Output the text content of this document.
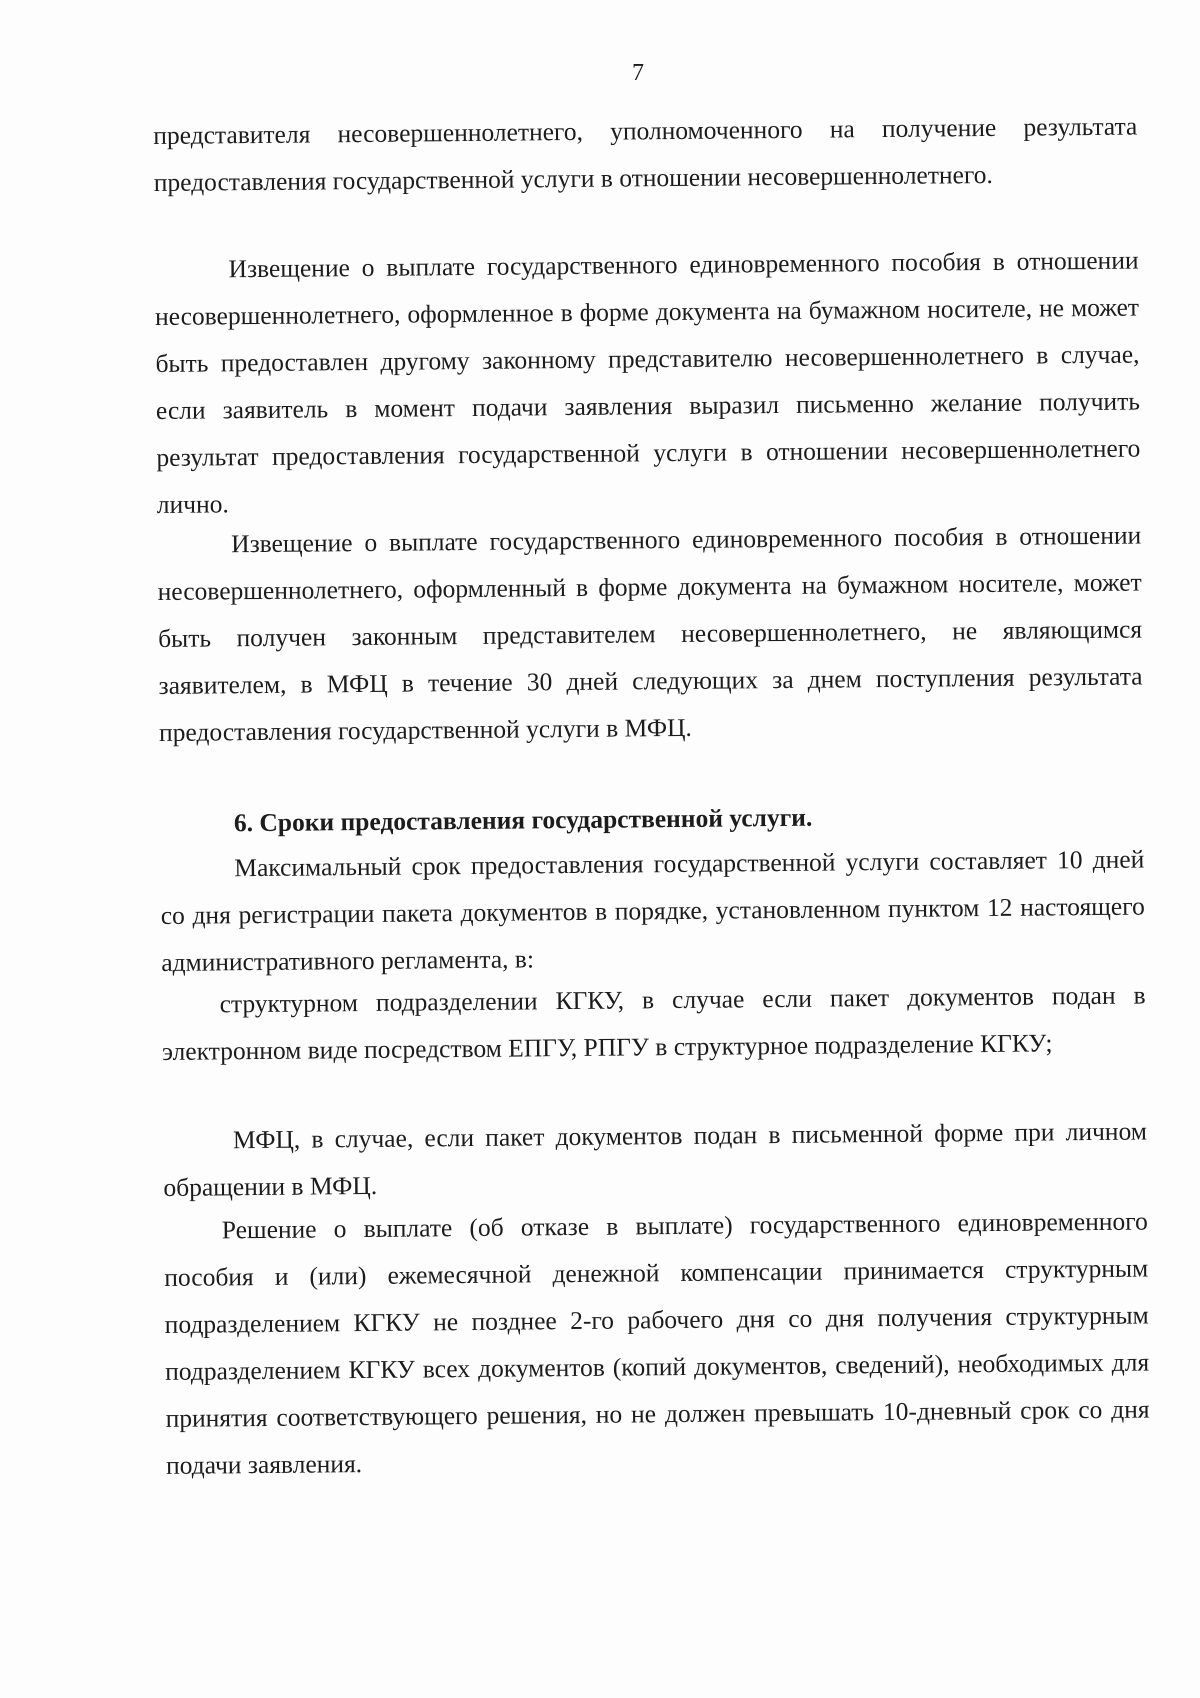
7

представителя несовершеннолетнего, уполномоченного на получение результата предоставления государственной услуги в отношении несовершеннолетнего.

Извещение о выплате государственного единовременного пособия в отношении несовершеннолетнего, оформленное в форме документа на бумажном носителе, не может быть предоставлен другому законному представителю несовершеннолетнего в случае, если заявитель в момент подачи заявления выразил письменно желание получить результат предоставления государственной услуги в отношении несовершеннолетнего лично.

Извещение о выплате государственного единовременного пособия в отношении несовершеннолетнего, оформленный в форме документа на бумажном носителе, может быть получен законным представителем несовершеннолетнего, не являющимся заявителем, в МФЦ в течение 30 дней следующих за днем поступления результата предоставления государственной услуги в МФЦ.

6. Сроки предоставления государственной услуги.

Максимальный срок предоставления государственной услуги составляет 10 дней со дня регистрации пакета документов в порядке, установленном пунктом 12 настоящего административного регламента, в:

структурном подразделении КГКУ, в случае если пакет документов подан в электронном виде посредством ЕПГУ, РПГУ в структурное подразделение КГКУ;

МФЦ, в случае, если пакет документов подан в письменной форме при личном обращении в МФЦ.

Решение о выплате (об отказе в выплате) государственного единовременного пособия и (или) ежемесячной денежной компенсации принимается структурным подразделением КГКУ не позднее 2-го рабочего дня со дня получения структурным подразделением КГКУ всех документов (копий документов, сведений), необходимых для принятия соответствующего решения, но не должен превышать 10-дневный срок со дня подачи заявления.
